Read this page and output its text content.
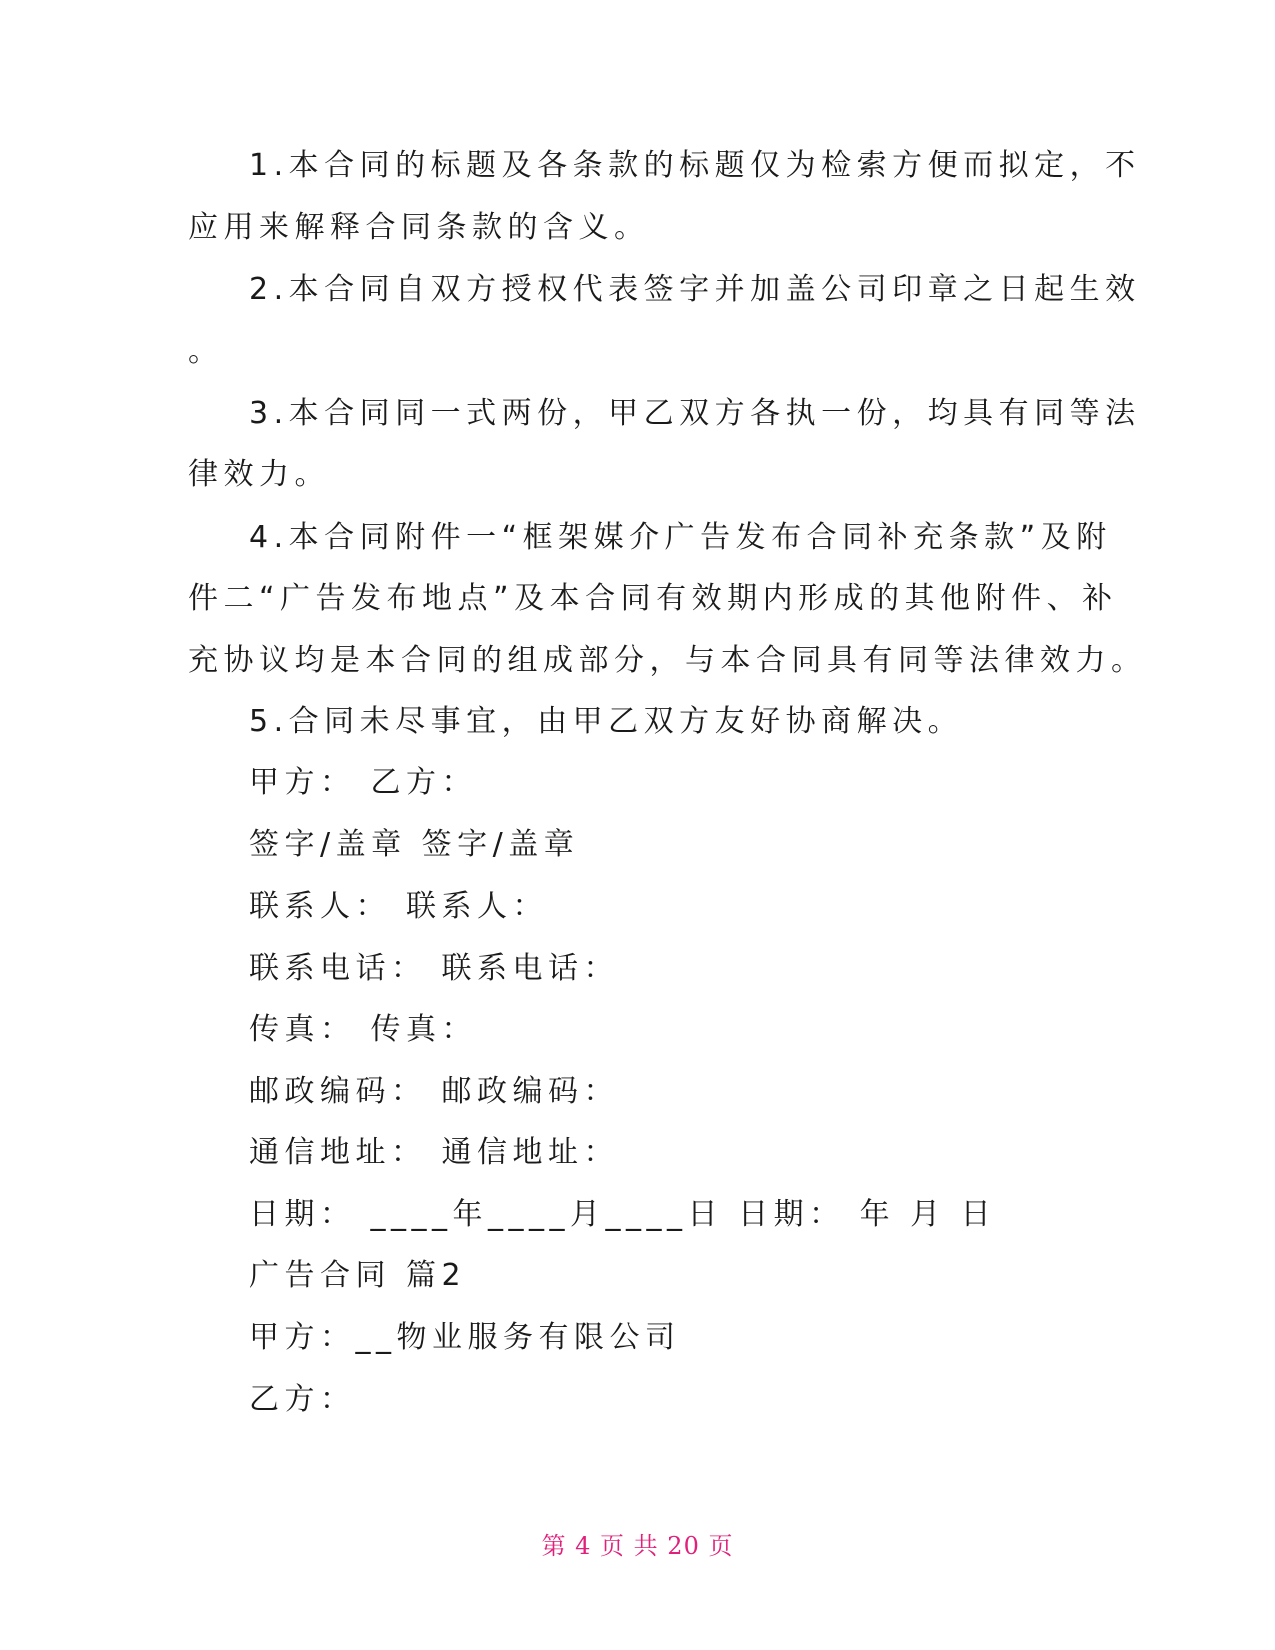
1.本合同的标题及各条款的标题仅为检索方便而拟定，不
应用来解释合同条款的含义。
2.本合同自双方授权代表签字并加盖公司印章之日起生效
。
3.本合同同一式两份，甲乙双方各执一份，均具有同等法
律效力。
4.本合同附件一“框架媒介广告发布合同补充条款”及附
件二“广告发布地点”及本合同有效期内形成的其他附件、补
充协议均是本合同的组成部分，与本合同具有同等法律效力。
5.合同未尽事宜，由甲乙双方友好协商解决。
甲方： 乙方：
签字/盖章 签字/盖章
联系人： 联系人：
联系电话： 联系电话：
传真： 传真：
邮政编码： 邮政编码：
通信地址： 通信地址：
日期： ____年____月____日 日期： 年 月 日
广告合同 篇2
甲方：__物业服务有限公司
乙方：
第 4 页 共 20 页
